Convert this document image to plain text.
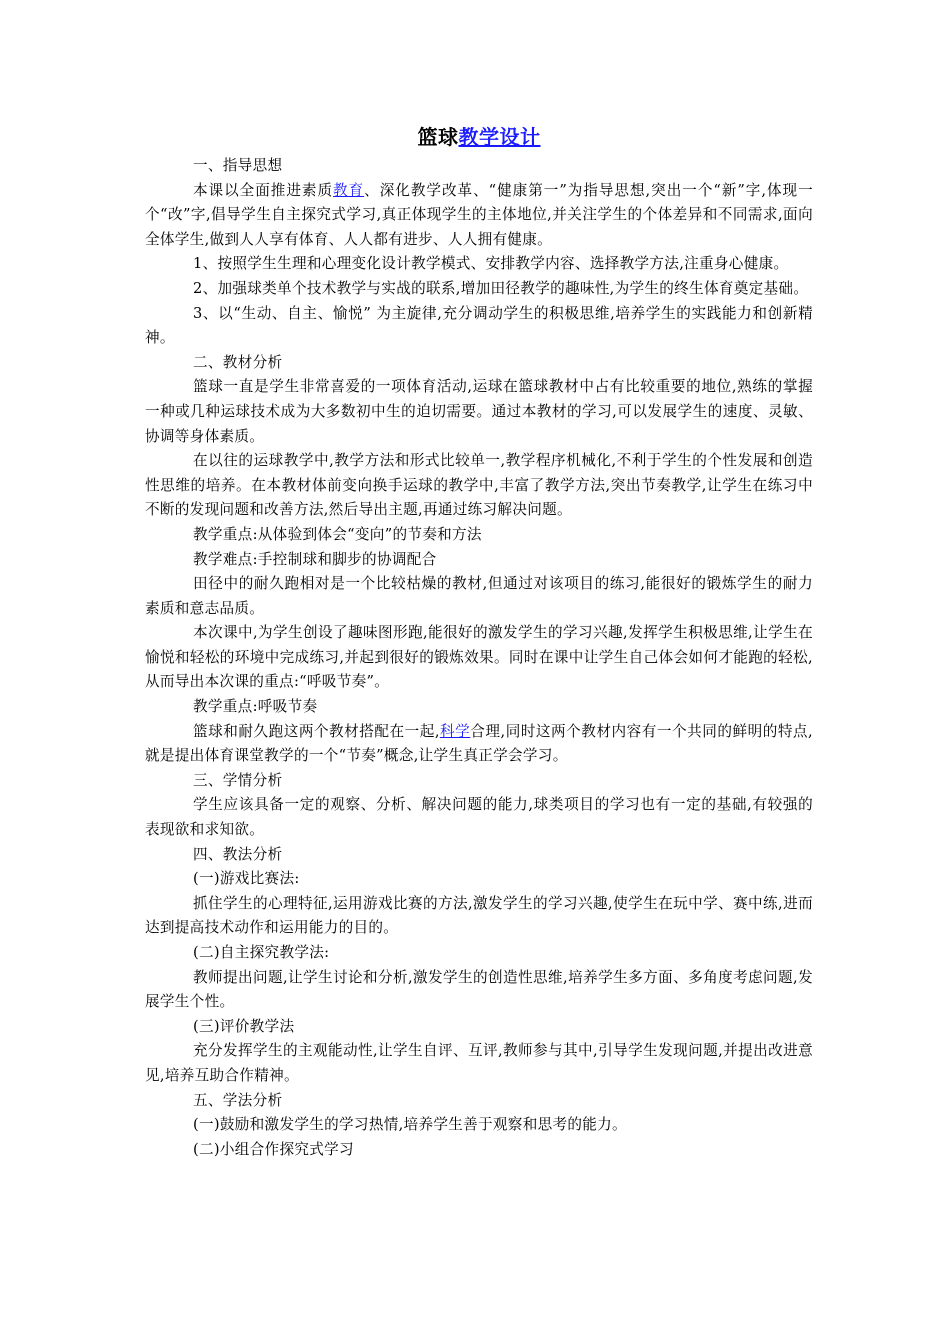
篮球教学设计

一、指导思想

本课以全面推进素质教育、深化教学改革、“健康第一”为指导思想,突出一个“新”字,体现一个“改”字,倡导学生自主探究式学习,真正体现学生的主体地位,并关注学生的个体差异和不同需求,面向全体学生,做到人人享有体育、人人都有进步、人人拥有健康。

1、按照学生生理和心理变化设计教学模式、安排教学内容、选择教学方法,注重身心健康。

2、加强球类单个技术教学与实战的联系,增加田径教学的趣味性,为学生的终生体育奠定基础。

3、以“生动、自主、愉悦” 为主旋律,充分调动学生的积极思维,培养学生的实践能力和创新精神。

二、教材分析

篮球一直是学生非常喜爱的一项体育活动,运球在篮球教材中占有比较重要的地位,熟练的掌握一种或几种运球技术成为大多数初中生的迫切需要。通过本教材的学习,可以发展学生的速度、灵敏、协调等身体素质。

在以往的运球教学中,教学方法和形式比较单一,教学程序机械化,不利于学生的个性发展和创造性思维的培养。在本教材体前变向换手运球的教学中,丰富了教学方法,突出节奏教学,让学生在练习中不断的发现问题和改善方法,然后导出主题,再通过练习解决问题。

教学重点:从体验到体会“变向”的节奏和方法

教学难点:手控制球和脚步的协调配合

田径中的耐久跑相对是一个比较枯燥的教材,但通过对该项目的练习,能很好的锻炼学生的耐力素质和意志品质。

本次课中,为学生创设了趣味图形跑,能很好的激发学生的学习兴趣,发挥学生积极思维,让学生在愉悦和轻松的环境中完成练习,并起到很好的锻炼效果。同时在课中让学生自己体会如何才能跑的轻松,从而导出本次课的重点:“呼吸节奏”。

教学重点:呼吸节奏

篮球和耐久跑这两个教材搭配在一起,科学合理,同时这两个教材内容有一个共同的鲜明的特点,就是提出体育课堂教学的一个“节奏”概念,让学生真正学会学习。

三、学情分析

学生应该具备一定的观察、分析、解决问题的能力,球类项目的学习也有一定的基础,有较强的表现欲和求知欲。

四、教法分析

(一)游戏比赛法:

抓住学生的心理特征,运用游戏比赛的方法,激发学生的学习兴趣,使学生在玩中学、赛中练,进而达到提高技术动作和运用能力的目的。

(二)自主探究教学法:

教师提出问题,让学生讨论和分析,激发学生的创造性思维,培养学生多方面、多角度考虑问题,发展学生个性。

(三)评价教学法

充分发挥学生的主观能动性,让学生自评、互评,教师参与其中,引导学生发现问题,并提出改进意见,培养互助合作精神。

五、学法分析

(一)鼓励和激发学生的学习热情,培养学生善于观察和思考的能力。

(二)小组合作探究式学习
